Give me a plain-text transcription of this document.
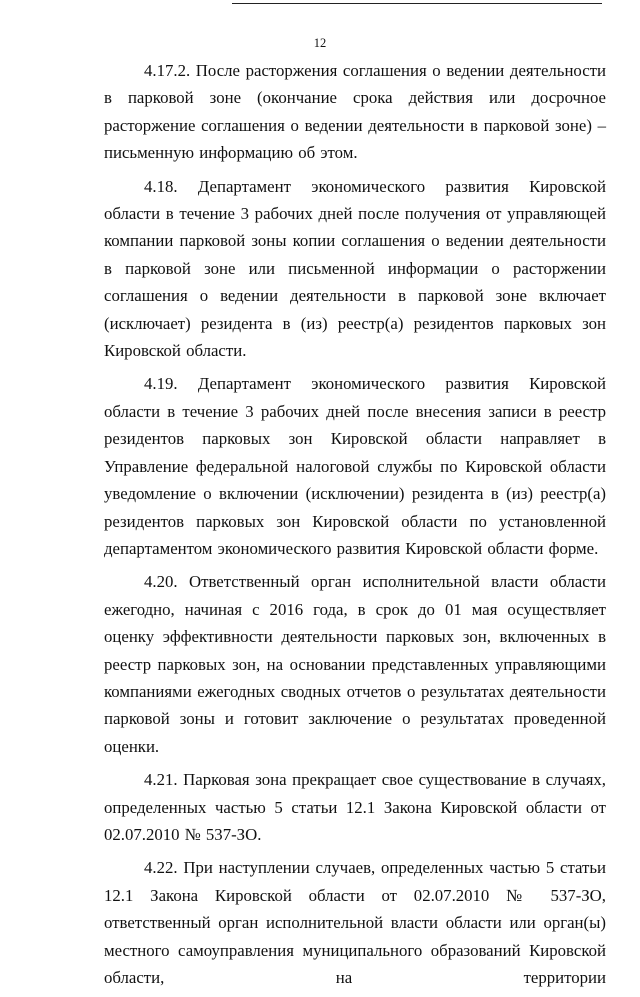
12

4.17.2. После расторжения соглашения о ведении деятельности в парковой зоне (окончание срока действия или досрочное расторжение соглашения о ведении деятельности в парковой зоне) – письменную информацию об этом.

4.18. Департамент экономического развития Кировской области в течение 3 рабочих дней после получения от управляющей компании парковой зоны копии соглашения о ведении деятельности в парковой зоне или письменной информации о расторжении соглашения о ведении деятельности в парковой зоне включает (исключает) резидента в (из) реестр(а) резидентов парковых зон Кировской области.

4.19. Департамент экономического развития Кировской области в течение 3 рабочих дней после внесения записи в реестр резидентов парковых зон Кировской области направляет в Управление федеральной налоговой службы по Кировской области уведомление о включении (исключении) резидента в (из) реестр(а) резидентов парковых зон Кировской области по установленной департаментом экономического развития Кировской области форме.

4.20. Ответственный орган исполнительной власти области ежегодно, начиная с 2016 года, в срок до 01 мая осуществляет оценку эффективности деятельности парковых зон, включенных в реестр парковых зон, на основании представленных управляющими компаниями ежегодных сводных отчетов о результатах деятельности парковой зоны и готовит заключение о результатах проведенной оценки.

4.21. Парковая зона прекращает свое существование в случаях, определенных частью 5 статьи 12.1 Закона Кировской области от 02.07.2010 № 537-ЗО.

4.22. При наступлении случаев, определенных частью 5 статьи 12.1 Закона Кировской области от 02.07.2010 № 537-ЗО, ответственный орган исполнительной власти области или орган(ы) местного самоуправления муниципального образований Кировской области, на территории
